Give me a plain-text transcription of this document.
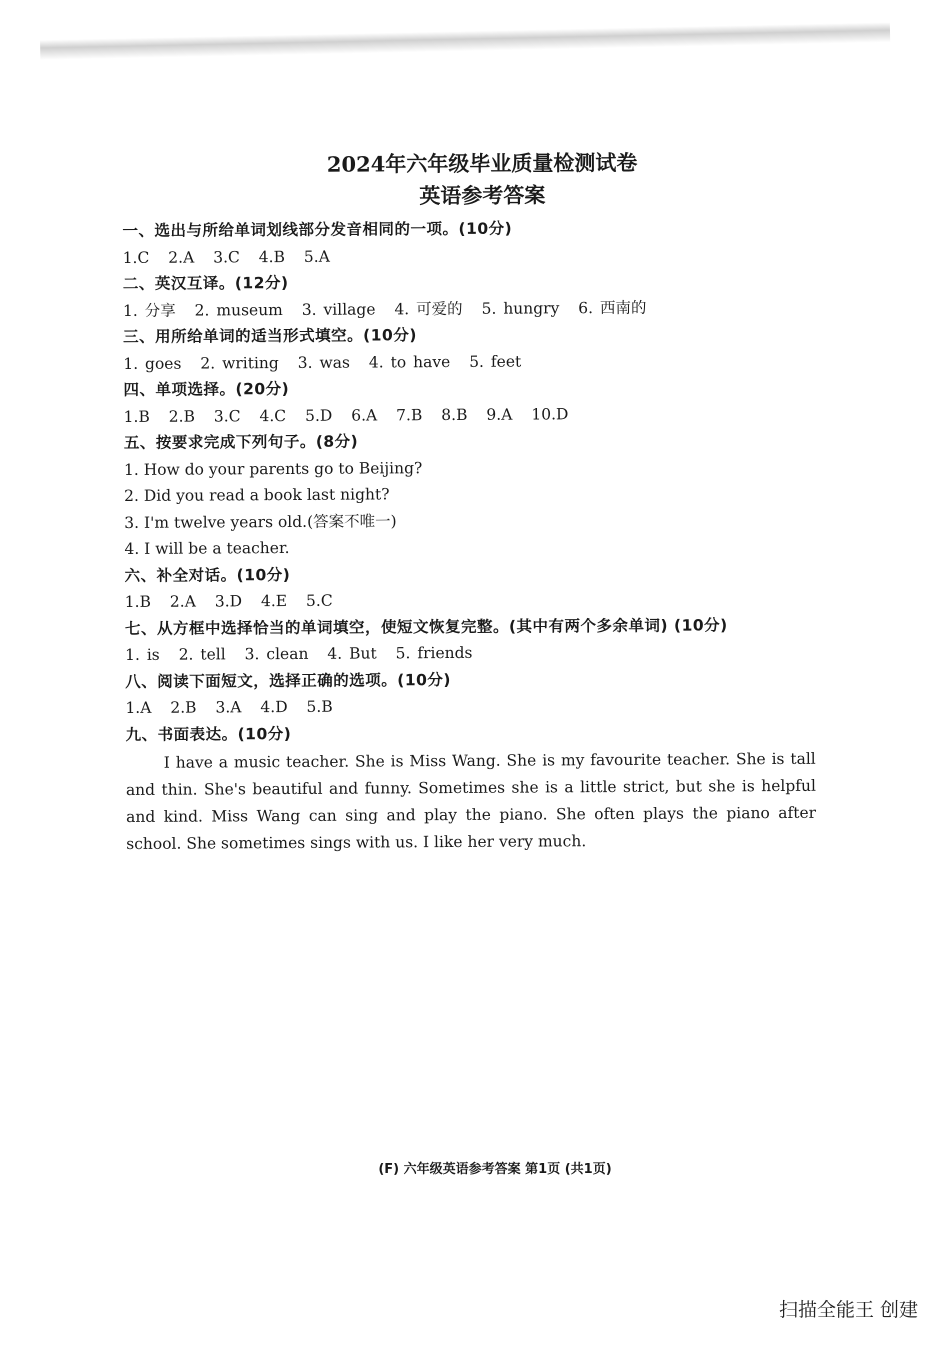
2024年六年级毕业质量检测试卷
英语参考答案
一、选出与所给单词划线部分发音相同的一项。(10分)
1.C 2.A 3.C 4.B 5.A
二、英汉互译。(12分)
1. 分享 2. museum 3. village 4. 可爱的 5. hungry 6. 西南的
三、用所给单词的适当形式填空。(10分)
1. goes 2. writing 3. was 4. to have 5. feet
四、单项选择。(20分)
1.B 2.B 3.C 4.C 5.D 6.A 7.B 8.B 9.A 10.D
五、按要求完成下列句子。(8分)
1. How do your parents go to Beijing?
2. Did you read a book last night?
3. I'm twelve years old.(答案不唯一)
4. I will be a teacher.
六、补全对话。(10分)
1.B 2.A 3.D 4.E 5.C
七、从方框中选择恰当的单词填空，使短文恢复完整。(其中有两个多余单词) (10分)
1. is 2. tell 3. clean 4. But 5. friends
八、阅读下面短文，选择正确的选项。(10分)
1.A 2.B 3.A 4.D 5.B
九、书面表达。(10分)
I have a music teacher. She is Miss Wang. She is my favourite teacher. She is tall and thin. She's beautiful and funny. Sometimes she is a little strict, but she is helpful and kind. Miss Wang can sing and play the piano. She often plays the piano after school. She sometimes sings with us. I like her very much.
(F) 六年级英语参考答案 第1页 (共1页)
扫描全能王 创建
